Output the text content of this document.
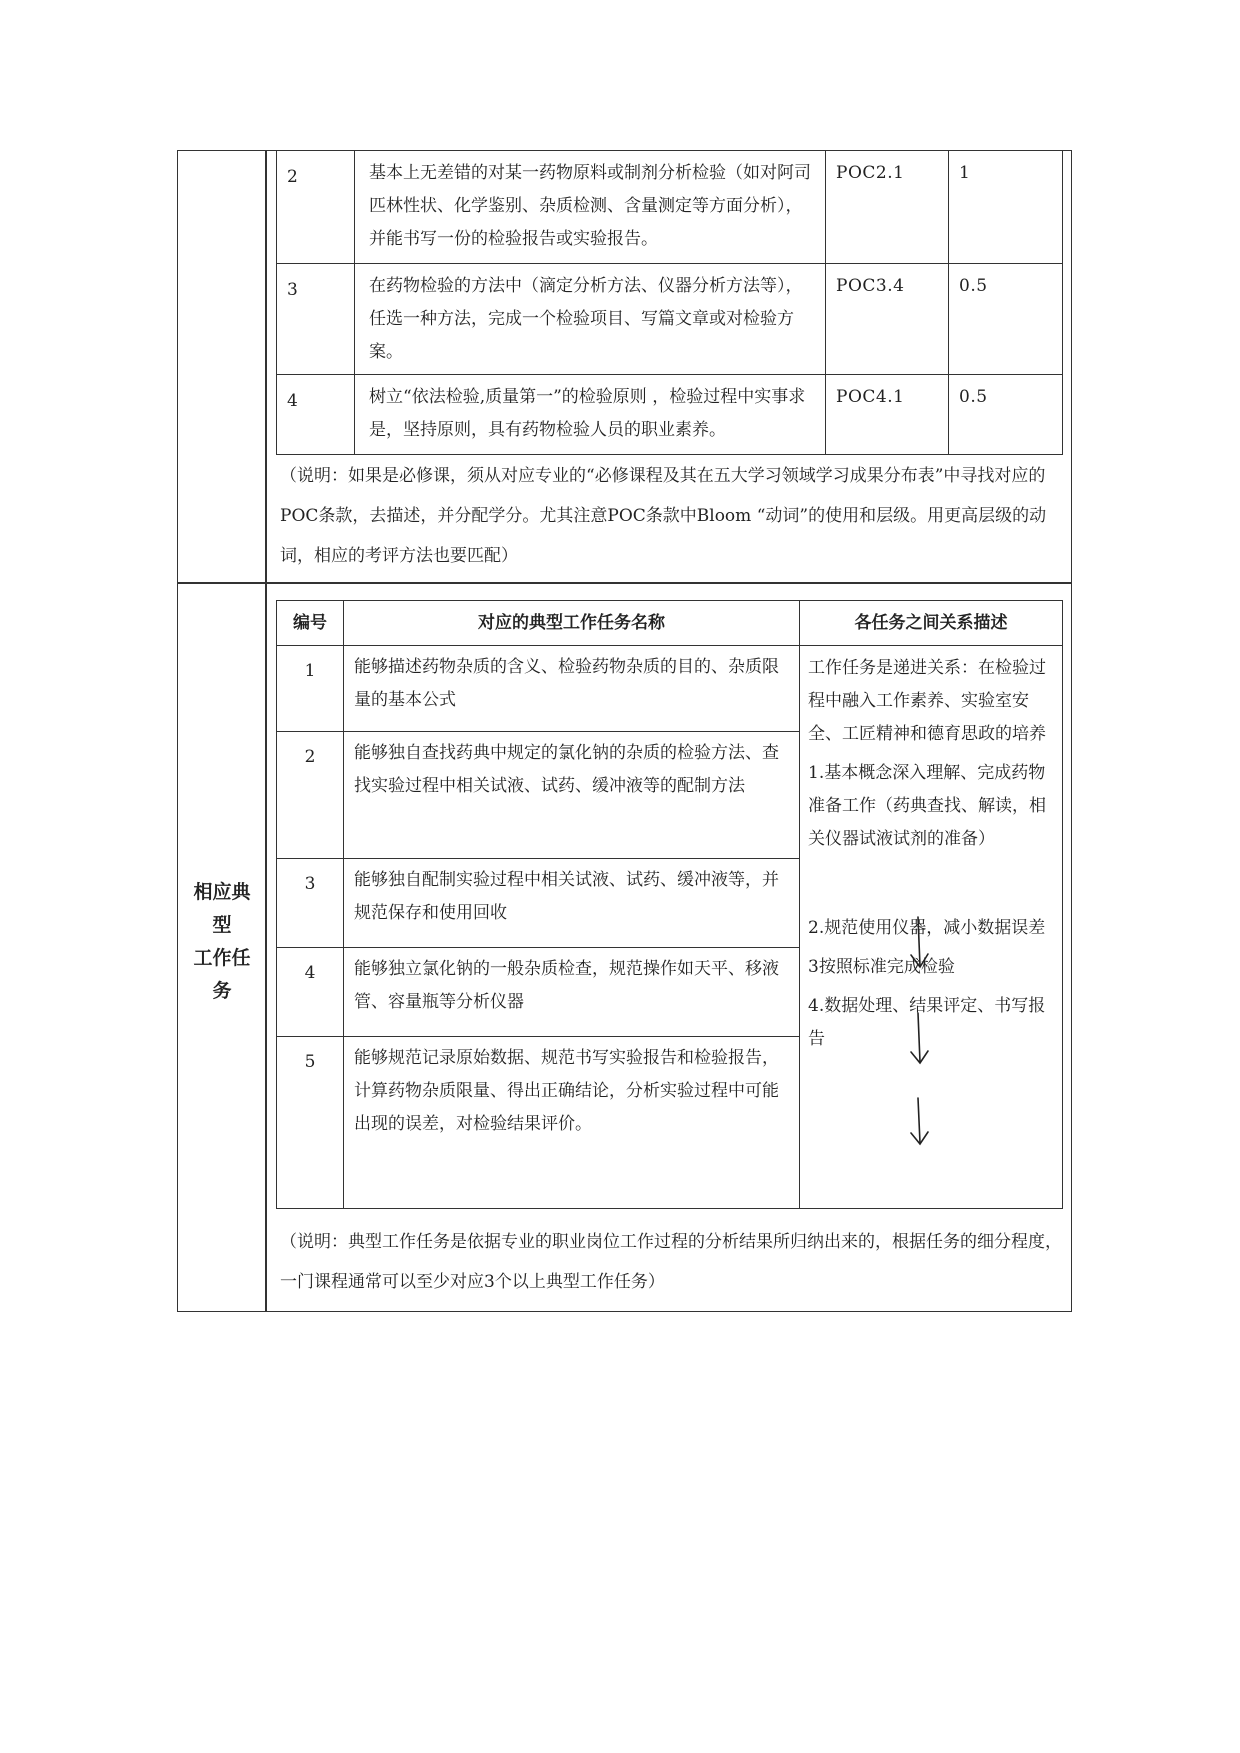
2	基本上无差错的对某一药物原料或制剂分析检验（如对阿司匹林性状、化学鉴别、杂质检测、含量测定等方面分析），并能书写一份的检验报告或实验报告。	POC2.1	1
3	在药物检验的方法中（滴定分析方法、仪器分析方法等），任选一种方法，完成一个检验项目、写篇文章或对检验方案。	POC3.4	0.5
4	树立“依法检验,质量第一”的检验原则 ，检验过程中实事求是，坚持原则，具有药物检验人员的职业素养。	POC4.1	0.5
（说明：如果是必修课，须从对应专业的“必修课程及其在五大学习领域学习成果分布表”中寻找对应的POC条款，去描述，并分配学分。尤其注意POC条款中Bloom “动词”的使用和层级。用更高层级的动词，相应的考评方法也要匹配）
相应典
型
工作任
务
编号	对应的典型工作任务名称	各任务之间关系描述
1	能够描述药物杂质的含义、检验药物杂质的目的、杂质限量的基本公式	工作任务是递进关系：在检验过程中融入工作素养、实验室安全、工匠精神和德育思政的培养

1.基本概念深入理解、完成药物准备工作（药典查找、解读，相关仪器试液试剂的准备）

2.规范使用仪器，减小数据误差

3按照标准完成检验

4.数据处理、结果评定、书写报告

2	能够独自查找药典中规定的氯化钠的杂质的检验方法、查找实验过程中相关试液、试药、缓冲液等的配制方法	
3	能够独自配制实验过程中相关试液、试药、缓冲液等，并规范保存和使用回收	
4	能够独立氯化钠的一般杂质检查，规范操作如天平、移液管、容量瓶等分析仪器	
5	能够规范记录原始数据、规范书写实验报告和检验报告，计算药物杂质限量、得出正确结论，分析实验过程中可能出现的误差，对检验结果评价。	
（说明：典型工作任务是依据专业的职业岗位工作过程的分析结果所归纳出来的，根据任务的细分程度，一门课程通常可以至少对应3个以上典型工作任务）
